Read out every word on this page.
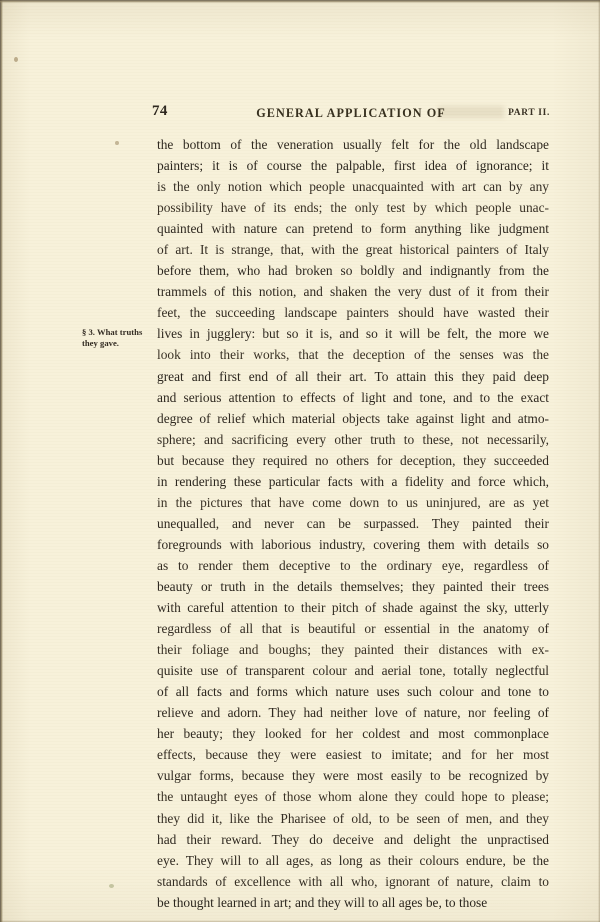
74	GENERAL APPLICATION OF	PART II.
§ 3. What truths they gave.
the bottom of the veneration usually felt for the old landscape
painters; it is of course the palpable, first idea of ignorance; it
is the only notion which people unacquainted with art can by any
possibility have of its ends; the only test by which people unac-
quainted with nature can pretend to form anything like judgment
of art. It is strange, that, with the great historical painters of Italy
before them, who had broken so boldly and indignantly from the
trammels of this notion, and shaken the very dust of it from their
feet, the succeeding landscape painters should have wasted their
lives in jugglery: but so it is, and so it will be felt, the more we
look into their works, that the deception of the senses was the
great and first end of all their art. To attain this they paid deep
and serious attention to effects of light and tone, and to the exact
degree of relief which material objects take against light and atmo-
sphere; and sacrificing every other truth to these, not necessarily,
but because they required no others for deception, they succeeded
in rendering these particular facts with a fidelity and force which,
in the pictures that have come down to us uninjured, are as yet
unequalled, and never can be surpassed. They painted their
foregrounds with laborious industry, covering them with details so
as to render them deceptive to the ordinary eye, regardless of
beauty or truth in the details themselves; they painted their trees
with careful attention to their pitch of shade against the sky, utterly
regardless of all that is beautiful or essential in the anatomy of
their foliage and boughs; they painted their distances with ex-
quisite use of transparent colour and aerial tone, totally neglectful
of all facts and forms which nature uses such colour and tone to
relieve and adorn. They had neither love of nature, nor feeling of
her beauty; they looked for her coldest and most commonplace
effects, because they were easiest to imitate; and for her most
vulgar forms, because they were most easily to be recognized by
the untaught eyes of those whom alone they could hope to please;
they did it, like the Pharisee of old, to be seen of men, and they
had their reward. They do deceive and delight the unpractised
eye. They will to all ages, as long as their colours endure, be the
standards of excellence with all who, ignorant of nature, claim to
be thought learned in art; and they will to all ages be, to those
